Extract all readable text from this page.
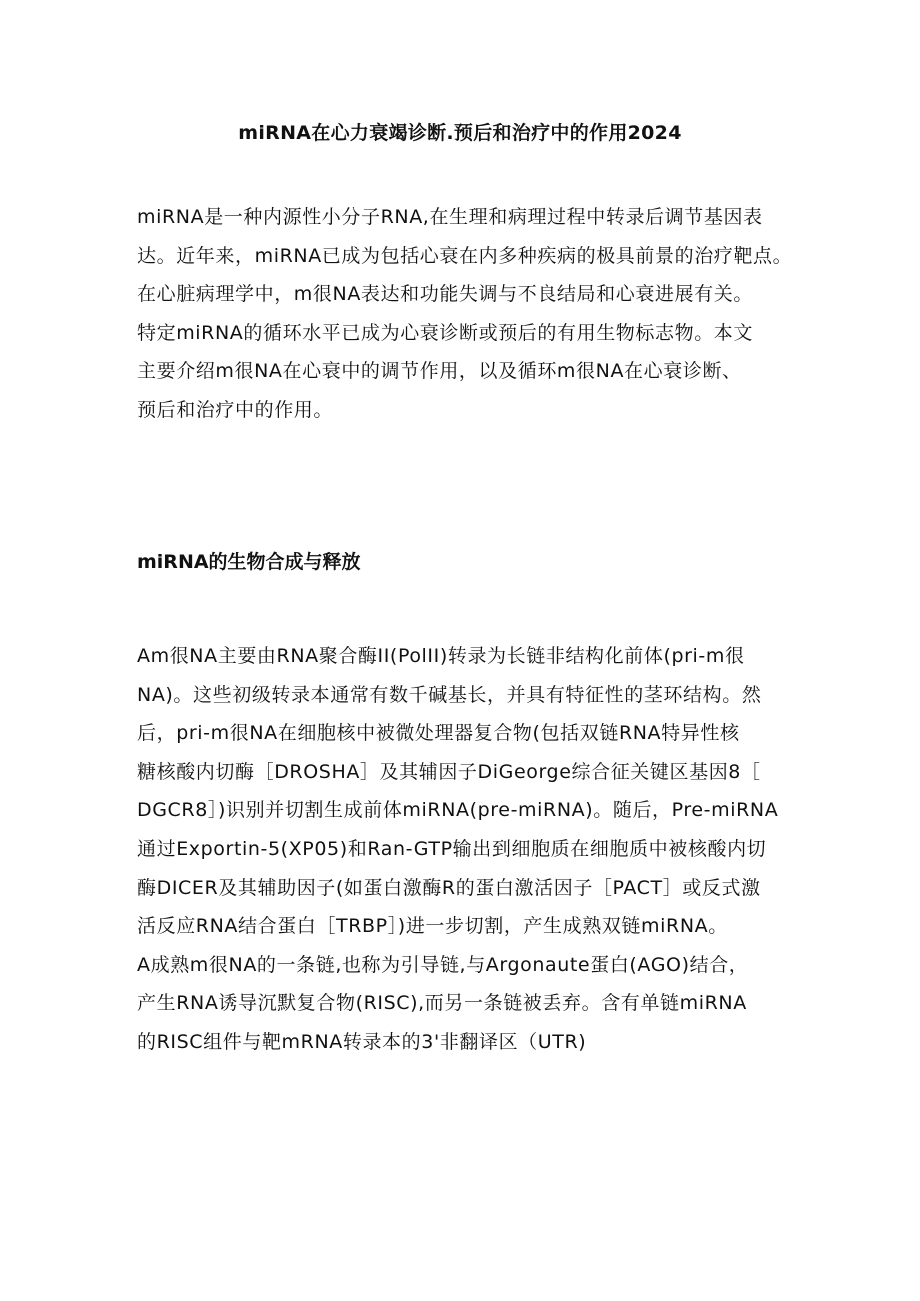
miRNA在心力衰竭诊断.预后和治疗中的作用2024
miRNA是一种内源性小分子RNA,在生理和病理过程中转录后调节基因表
达。近年来，miRNA已成为包括心衰在内多种疾病的极具前景的治疗靶点。
在心脏病理学中，m很NA表达和功能失调与不良结局和心衰进展有关。
特定miRNA的循环水平已成为心衰诊断或预后的有用生物标志物。本文
主要介绍m很NA在心衰中的调节作用，以及循环m很NA在心衰诊断、
预后和治疗中的作用。
miRNA的生物合成与释放
Am很NA主要由RNA聚合酶II(PolII)转录为长链非结构化前体(pri-m很
NA)。这些初级转录本通常有数千碱基长，并具有特征性的茎环结构。然
后，pri-m很NA在细胞核中被微处理器复合物(包括双链RNA特异性核
糖核酸内切酶［DROSHA］及其辅因子DiGeorge综合征关键区基因8［
DGCR8］)识别并切割生成前体miRNA(pre-miRNA)。随后，Pre-miRNA
通过Exportin-5(XP05)和Ran-GTP输出到细胞质在细胞质中被核酸内切
酶DICER及其辅助因子(如蛋白激酶R的蛋白激活因子［PACT］或反式激
活反应RNA结合蛋白［TRBP］)进一步切割，产生成熟双链miRNA。
A成熟m很NA的一条链,也称为引导链,与Argonaute蛋白(AGO)结合，
产生RNA诱导沉默复合物(RISC),而另一条链被丢弃。含有单链miRNA
的RISC组件与靶mRNA转录本的3'非翻译区（UTR)
